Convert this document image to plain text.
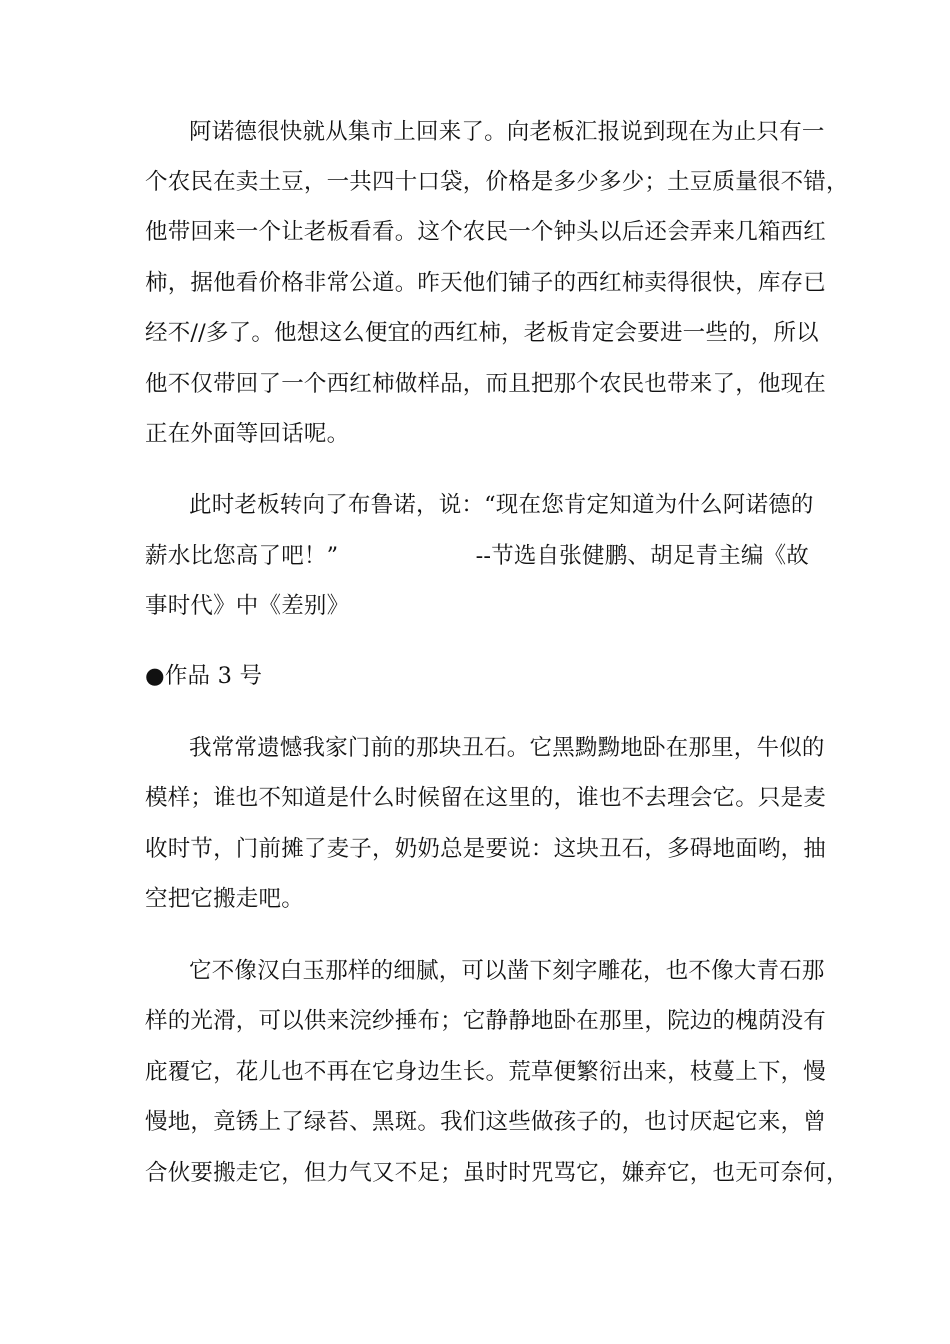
阿诺德很快就从集市上回来了。向老板汇报说到现在为止只有一
个农民在卖土豆，一共四十口袋，价格是多少多少；土豆质量很不错，
他带回来一个让老板看看。这个农民一个钟头以后还会弄来几箱西红
柿，据他看价格非常公道。昨天他们铺子的西红柿卖得很快，库存已
经不//多了。他想这么便宜的西红柿，老板肯定会要进一些的，所以
他不仅带回了一个西红柿做样品，而且把那个农民也带来了，他现在
正在外面等回话呢。
此时老板转向了布鲁诺，说：“现在您肯定知道为什么阿诺德的
薪水比您高了吧！”	--节选自张健鹏、胡足青主编《故
事时代》中《差别》
●作品 3 号
我常常遗憾我家门前的那块丑石。它黑黝黝地卧在那里，牛似的
模样；谁也不知道是什么时候留在这里的，谁也不去理会它。只是麦
收时节，门前摊了麦子，奶奶总是要说：这块丑石，多碍地面哟，抽
空把它搬走吧。
它不像汉白玉那样的细腻，可以凿下刻字雕花，也不像大青石那
样的光滑，可以供来浣纱捶布；它静静地卧在那里，院边的槐荫没有
庇覆它，花儿也不再在它身边生长。荒草便繁衍出来，枝蔓上下，慢
慢地，竟锈上了绿苔、黑斑。我们这些做孩子的，也讨厌起它来，曾
合伙要搬走它，但力气又不足；虽时时咒骂它，嫌弃它，也无可奈何，
